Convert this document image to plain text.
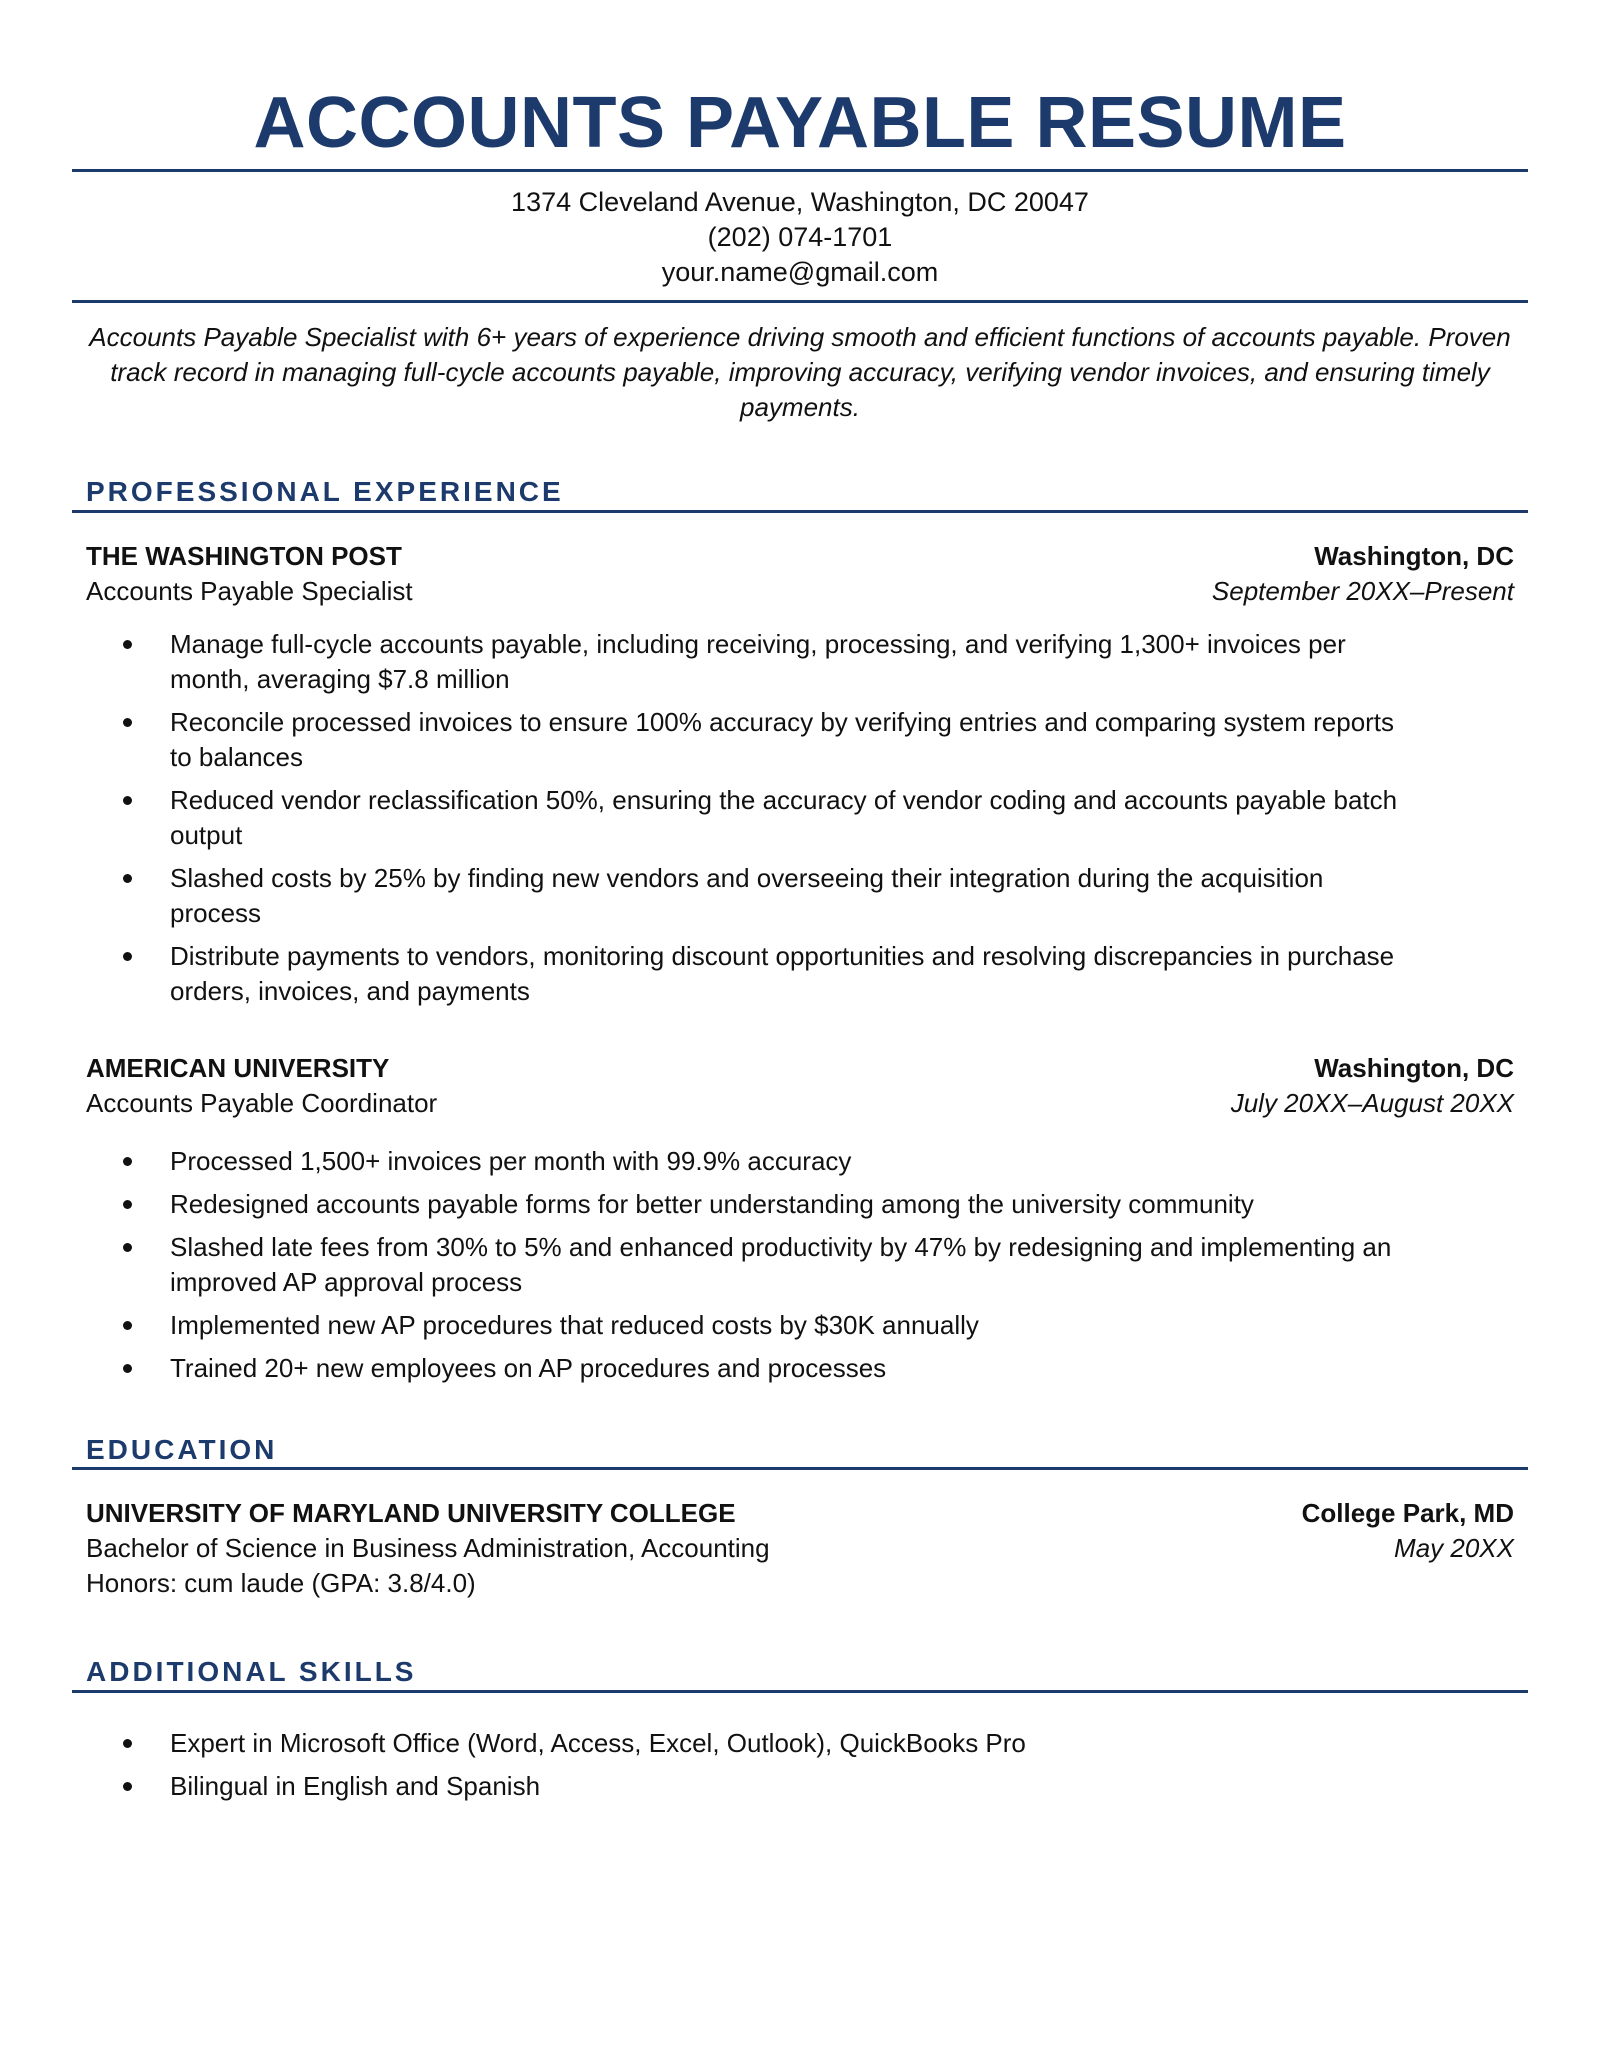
ACCOUNTS PAYABLE RESUME
1374 Cleveland Avenue, Washington, DC 20047
(202) 074-1701
your.name@gmail.com
Accounts Payable Specialist with 6+ years of experience driving smooth and efficient functions of accounts payable. Proven track record in managing full-cycle accounts payable, improving accuracy, verifying vendor invoices, and ensuring timely payments.
PROFESSIONAL EXPERIENCE
THE WASHINGTON POST	Washington, DC
Accounts Payable Specialist	September 20XX–Present
Manage full-cycle accounts payable, including receiving, processing, and verifying 1,300+ invoices per month, averaging $7.8 million
Reconcile processed invoices to ensure 100% accuracy by verifying entries and comparing system reports to balances
Reduced vendor reclassification 50%, ensuring the accuracy of vendor coding and accounts payable batch output
Slashed costs by 25% by finding new vendors and overseeing their integration during the acquisition process
Distribute payments to vendors, monitoring discount opportunities and resolving discrepancies in purchase orders, invoices, and payments
AMERICAN UNIVERSITY	Washington, DC
Accounts Payable Coordinator	July 20XX–August 20XX
Processed 1,500+ invoices per month with 99.9% accuracy
Redesigned accounts payable forms for better understanding among the university community
Slashed late fees from 30% to 5% and enhanced productivity by 47% by redesigning and implementing an improved AP approval process
Implemented new AP procedures that reduced costs by $30K annually
Trained 20+ new employees on AP procedures and processes
EDUCATION
UNIVERSITY OF MARYLAND UNIVERSITY COLLEGE	College Park, MD
Bachelor of Science in Business Administration, Accounting	May 20XX
Honors: cum laude (GPA: 3.8/4.0)
ADDITIONAL SKILLS
Expert in Microsoft Office (Word, Access, Excel, Outlook), QuickBooks Pro
Bilingual in English and Spanish
